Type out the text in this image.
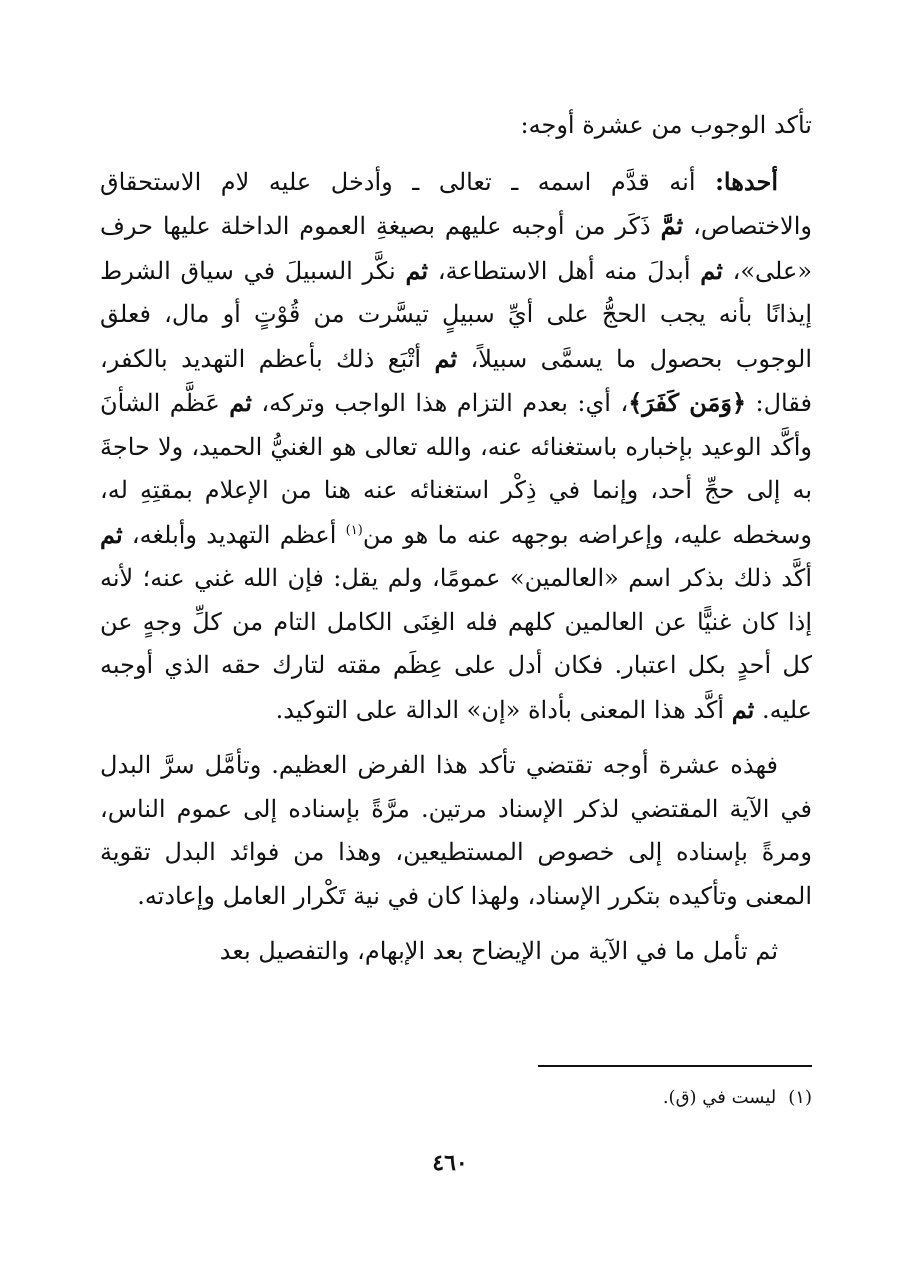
تأكد الوجوب من عشرة أوجه:

أحدها: أنه قدَّم اسمه ـ تعالى ـ وأدخل عليه لام الاستحقاق والاختصاص، ثمَّ ذَكَر من أوجبه عليهم بصيغةِ العموم الداخلة عليها حرف «على»، ثم أبدلَ منه أهل الاستطاعة، ثم نكَّر السبيلَ في سياق الشرط إيذانًا بأنه يجب الحجُّ على أيِّ سبيلٍ تيسَّرت من قُوْتٍ أو مال، فعلق الوجوب بحصول ما يسمَّى سبيلاً، ثم أتْبَع ذلك بأعظم التهديد بالكفر، فقال: ﴿وَمَن كَفَرَ﴾، أي: بعدم التزام هذا الواجب وتركه، ثم عَظَّم الشأنَ وأكَّد الوعيد بإخباره باستغنائه عنه، والله تعالى هو الغنيُّ الحميد، ولا حاجةَ به إلى حجِّ أحد، وإنما في ذِكْر استغنائه عنه هنا من الإعلام بمقتِهِ له، وسخطه عليه، وإعراضه بوجهه عنه ما هو من$^{(١)}$ أعظم التهديد وأبلغه، ثم أكَّد ذلك بذكر اسم «العالمين» عمومًا، ولم يقل: فإن الله غني عنه؛ لأنه إذا كان غنيًّا عن العالمين كلهم فله الغِنَى الكامل التام من كلِّ وجهٍ عن كل أحدٍ بكل اعتبار. فكان أدل على عِظَم مقته لتارك حقه الذي أوجبه عليه. ثم أكَّد هذا المعنى بأداة «إن» الدالة على التوكيد.

فهذه عشرة أوجه تقتضي تأكد هذا الفرض العظيم. وتأمَّل سرَّ البدل في الآية المقتضي لذكر الإسناد مرتين. مرَّةً بإسناده إلى عموم الناس، ومرةً بإسناده إلى خصوص المستطيعين، وهذا من فوائد البدل تقوية المعنى وتأكيده بتكرر الإسناد، ولهذا كان في نية تَكْرار العامل وإعادته.

ثم تأمل ما في الآية من الإيضاح بعد الإبهام، والتفصيل بعد

(١)ليست في (ق).

٤٦٠
